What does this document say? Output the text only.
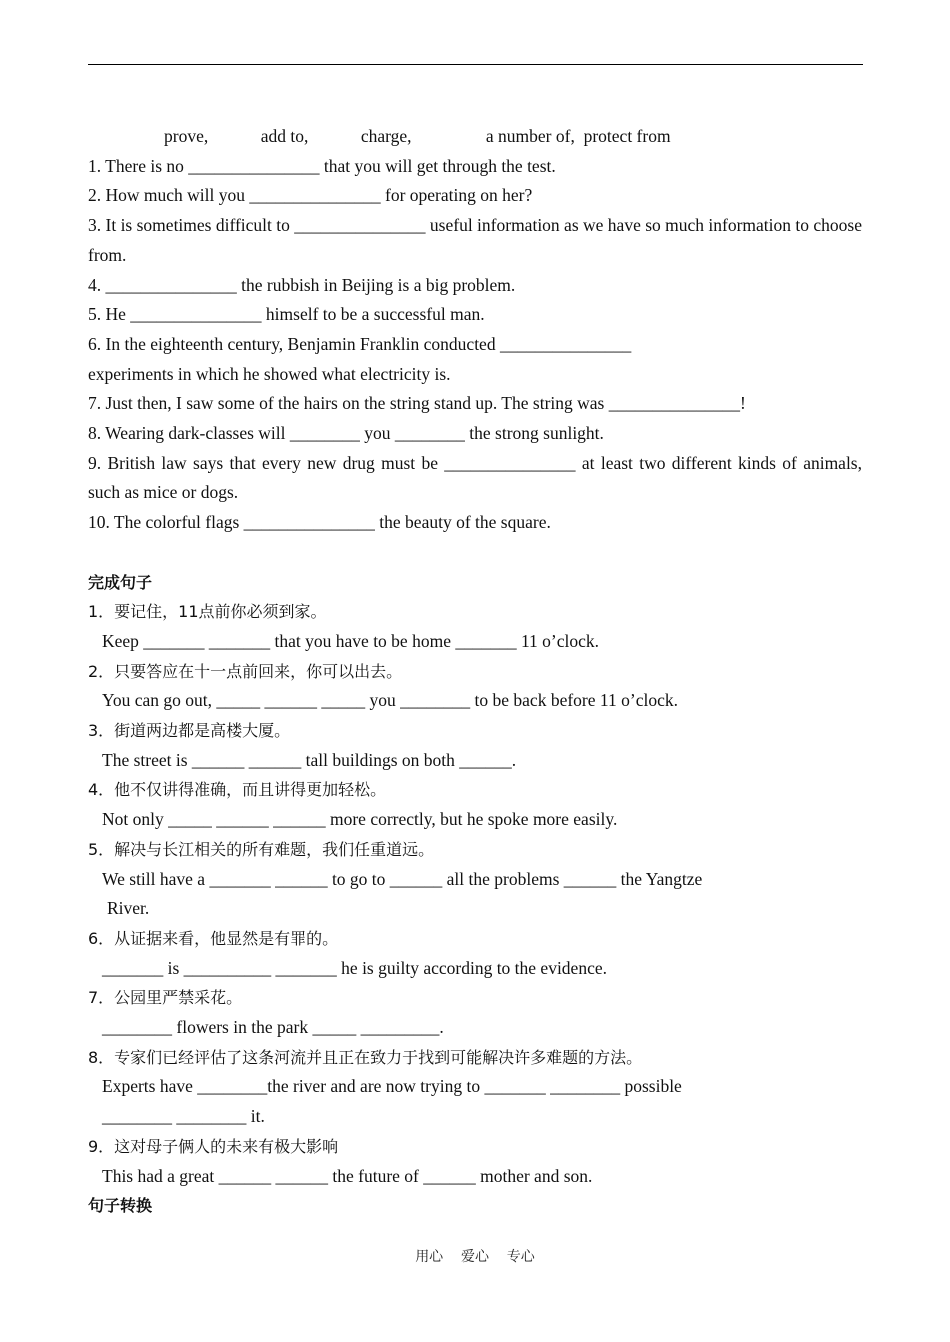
prove,            add to,            charge,                 a number of,  protect from
1. There is no _______________ that you will get through the test.
2. How much will you _______________ for operating on her?
3. It is sometimes difficult to _______________ useful information as we have so much information to choose from.
4. _______________ the rubbish in Beijing is a big problem.
5. He _______________ himself to be a successful man.
6. In the eighteenth century, Benjamin Franklin conducted _______________
experiments in which he showed what electricity is.
7. Just then, I saw some of the hairs on the string stand up. The string was _______________!
8. Wearing dark-classes will ________ you ________ the strong sunlight.
9. British law says that every new drug must be _______________ at least two different kinds of animals, such as mice or dogs.
10. The colorful flags _______________ the beauty of the square.
完成句子
1．要记住，11点前你必须到家。
Keep _______ _______ that you have to be home _______ 11 o’clock.
2．只要答应在十一点前回来，你可以出去。
You can go out, _____ ______ _____ you ________ to be back before 11 o’clock.
3．街道两边都是高楼大厦。
The street is ______ ______ tall buildings on both ______.
4．他不仅讲得准确，而且讲得更加轻松。
Not only _____ ______ ______ more correctly, but he spoke more easily.
5．解决与长江相关的所有难题，我们任重道远。
We still have a _______ ______ to go to ______ all the problems ______ the Yangtze
River.
6．从证据来看，他显然是有罪的。
_______ is __________ _______ he is guilty according to the evidence.
7．公园里严禁采花。
________ flowers in the park _____ _________.
8．专家们已经评估了这条河流并且正在致力于找到可能解决许多难题的方法。
Experts have ________the river and are now trying to _______ ________ possible
________ ________ it.
9．这对母子俩人的未来有极大影响
This had a great ______ ______ the future of ______ mother and son.
句子转换
用心    爱心    专心
